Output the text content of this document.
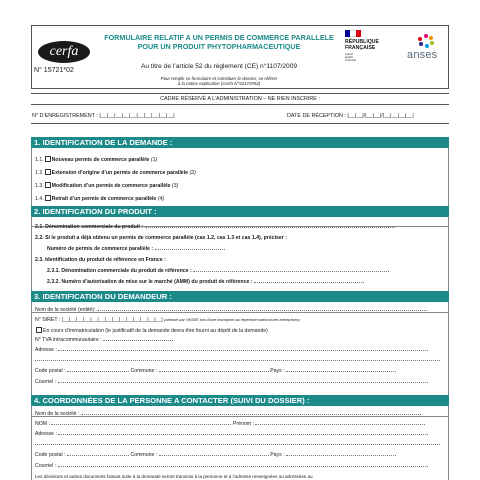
cerfa
N° 15721*02
FORMULAIRE RELATIF A UN PERMIS DE COMMERCE PARALLELE POUR UN PRODUIT PHYTOPHARMACEUTIQUE
Au titre de l’article 52 du règlement (CE) n°1107/2009
Pour remplir ce formulaire et constituer le dossier, se référer
à la notice explicative (Cerfa N°52172#02)
RÉPUBLIQUE
FRANÇAISE
Liberté
Égalité
Fraternité	anses
CADRE RÉSERVÉ A L’ADMINISTRATION – NE RIEN INSCRIRE :
N° D’ENREGISTREMENT : |__|__|__|__|__|__|__|__|__|__|	DATE DE RÉCEPTION : |__|__|/|__|__|/|__|__|__|__|
1. IDENTIFICATION DE LA DEMANDE :
1.1. Nouveau permis de commerce parallèle (1)
1.2. Extension d’origine d’un permis de commerce parallèle (2)
1.3. Modification d’un permis de commerce parallèle (3)
1.4. Retrait d’un permis de commerce parallèle (4)
2. IDENTIFICATION DU PRODUIT :
2.1. Dénomination commerciale du produit :
2.2. Si le produit a déjà obtenu un permis de commerce parallèle (cas 1.2, cas 1.3 et cas 1.4), préciser :
Numéro de permis de commerce parallèle :
2.3. Identification du produit de référence en France :
2.3.1. Dénomination commerciale du produit de référence :
2.3.2. Numéro d’autorisation de mise sur le marché (AMM) du produit de référence :
3. IDENTIFICATION DU DEMANDEUR :
Nom de la société (entité):
N° SIRET : |__|__|__|__|__|__|__|__|__|__|__|__|__|__| (attribué par l’INSEE lors d’une inscription au répertoire national des entreprises)
En cours d’immatriculation (le justificatif de la demande devra être fourni au dépôt de la demande)
N° TVA intracommunautaire :
Adresse :
Code postal :	Commune :	Pays :
Courriel :
4. COORDONNÉES DE LA PERSONNE A CONTACTER (SUIVI DU DOSSIER) :
Nom de la société :
NOM :	Prénom :
Adresse :
Code postal :	Commune :	Pays :
Courriel :
Les décisions et autres documents faisant suite à la demande seront transmis à la personne et à l’adresse renseignées ou adressées au
